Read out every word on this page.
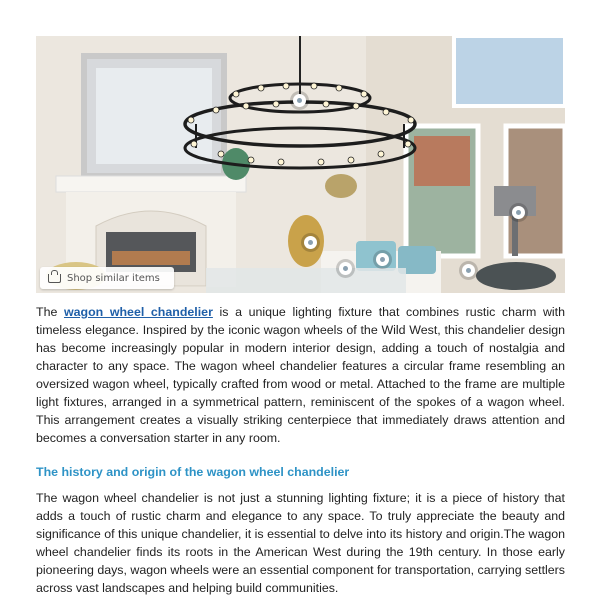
Shop similar items

The wagon wheel chandelier is a unique lighting fixture that combines rustic charm with timeless elegance. Inspired by the iconic wagon wheels of the Wild West, this chandelier design has become increasingly popular in modern interior design, adding a touch of nostalgia and character to any space. The wagon wheel chandelier features a circular frame resembling an oversized wagon wheel, typically crafted from wood or metal. Attached to the frame are multiple light fixtures, arranged in a symmetrical pattern, reminiscent of the spokes of a wagon wheel. This arrangement creates a visually striking centerpiece that immediately draws attention and becomes a conversation starter in any room.

The history and origin of the wagon wheel chandelier

The wagon wheel chandelier is not just a stunning lighting fixture; it is a piece of history that adds a touch of rustic charm and elegance to any space. To truly appreciate the beauty and significance of this unique chandelier, it is essential to delve into its history and origin.The wagon wheel chandelier finds its roots in the American West during the 19th century. In those early pioneering days, wagon wheels were an essential component for transportation, carrying settlers across vast landscapes and helping build communities.
